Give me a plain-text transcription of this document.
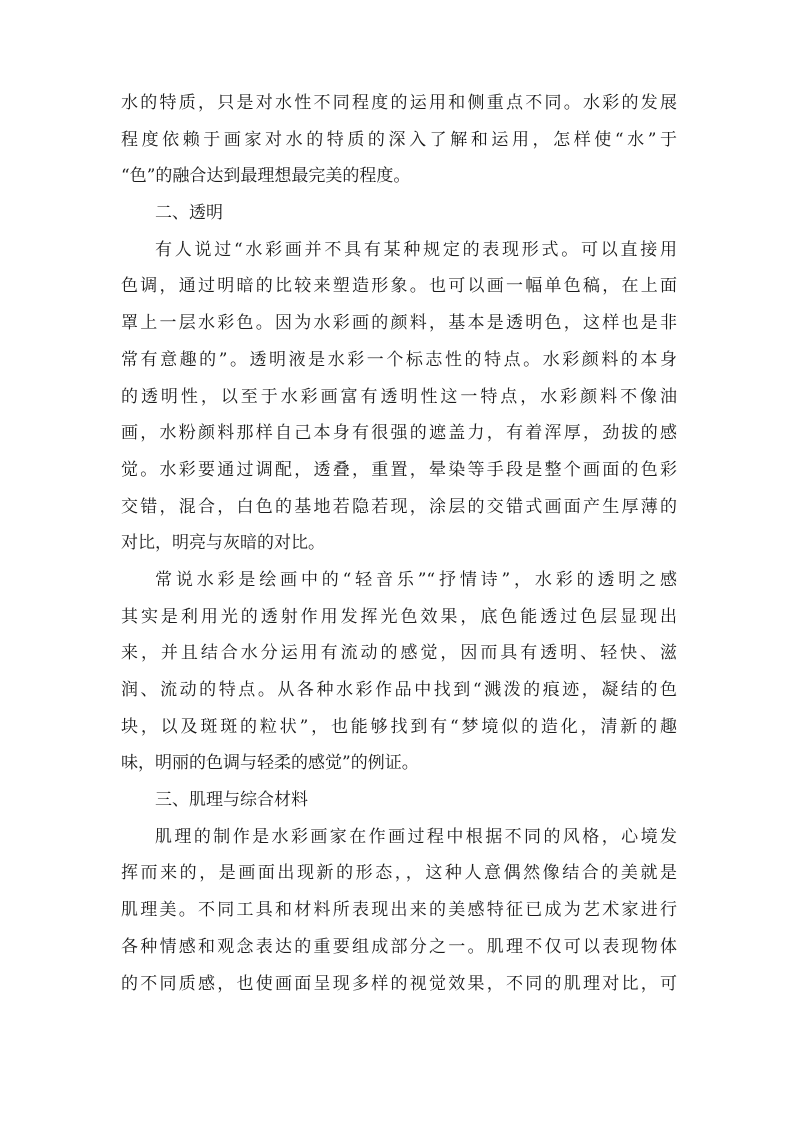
水的特质，只是对水性不同程度的运用和侧重点不同。水彩的发展
程度依赖于画家对水的特质的深入了解和运用，怎样使“水”于
“色”的融合达到最理想最完美的程度。
二、透明
有人说过“水彩画并不具有某种规定的表现形式。可以直接用
色调，通过明暗的比较来塑造形象。也可以画一幅单色稿，在上面
罩上一层水彩色。因为水彩画的颜料，基本是透明色，这样也是非
常有意趣的”。透明液是水彩一个标志性的特点。水彩颜料的本身
的透明性，以至于水彩画富有透明性这一特点，水彩颜料不像油
画，水粉颜料那样自己本身有很强的遮盖力，有着浑厚，劲拔的感
觉。水彩要通过调配，透叠，重置，晕染等手段是整个画面的色彩
交错，混合，白色的基地若隐若现，涂层的交错式画面产生厚薄的
对比，明亮与灰暗的对比。
常说水彩是绘画中的“轻音乐”“抒情诗”，水彩的透明之感
其实是利用光的透射作用发挥光色效果，底色能透过色层显现出
来，并且结合水分运用有流动的感觉，因而具有透明、轻快、滋
润、流动的特点。从各种水彩作品中找到“溅泼的痕迹，凝结的色
块，以及斑斑的粒状”，也能够找到有“梦境似的造化，清新的趣
味，明丽的色调与轻柔的感觉”的例证。
三、肌理与综合材料
肌理的制作是水彩画家在作画过程中根据不同的风格，心境发
挥而来的，是画面出现新的形态，，这种人意偶然像结合的美就是
肌理美。不同工具和材料所表现出来的美感特征已成为艺术家进行
各种情感和观念表达的重要组成部分之一。肌理不仅可以表现物体
的不同质感，也使画面呈现多样的视觉效果，不同的肌理对比，可
